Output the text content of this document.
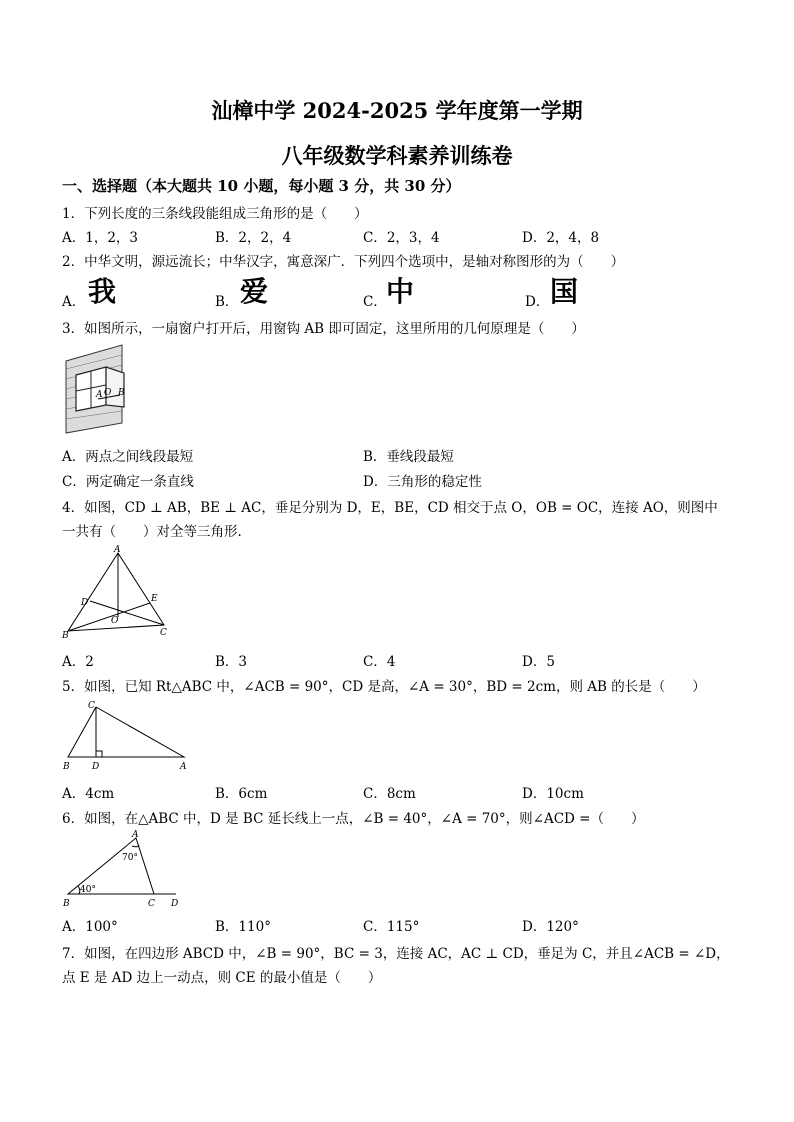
汕樟中学 2024-2025 学年度第一学期
八年级数学科素养训练卷
一、选择题（本大题共 10 小题，每小题 3 分，共 30 分）
1．下列长度的三条线段能组成三角形的是（　　）
A．1，2，3	B．2，2，4	C．2，3，4	D．2，4，8
2．中华文明，源远流长；中华汉字，寓意深广．下列四个选项中，是轴对称图形的为（　　）
A． 我	B． 爱	C． 中	D． 国
3．如图所示，一扇窗户打开后，用窗钩 AB 即可固定，这里所用的几何原理是（　　）
A O B
A．两点之间线段最短	B．垂线段最短
C．两定确定一条直线	D．三角形的稳定性
4．如图，CD ⊥ AB，BE ⊥ AC，垂足分别为 D，E，BE，CD 相交于点 O，OB = OC，连接 AO，则图中
一共有（　　）对全等三角形.
A
D	E
O
B	C
A．2	B．3	C．4	D．5
5．如图，已知 Rt△ABC 中，∠ACB = 90°，CD 是高，∠A = 30°，BD = 2cm，则 AB 的长是（　　）
C
B D	A
A．4cm	B．6cm	C．8cm	D．10cm
6．如图，在△ABC 中，D 是 BC 延长线上一点，∠B = 40°，∠A = 70°，则∠ACD =（　　）
A
70°
40°
B	C D
A．100°	B．110°	C．115°	D．120°
7．如图，在四边形 ABCD 中，∠B = 90°，BC = 3，连接 AC，AC ⊥ CD，垂足为 C，并且∠ACB = ∠D，
点 E 是 AD 边上一动点，则 CE 的最小值是（　　）
